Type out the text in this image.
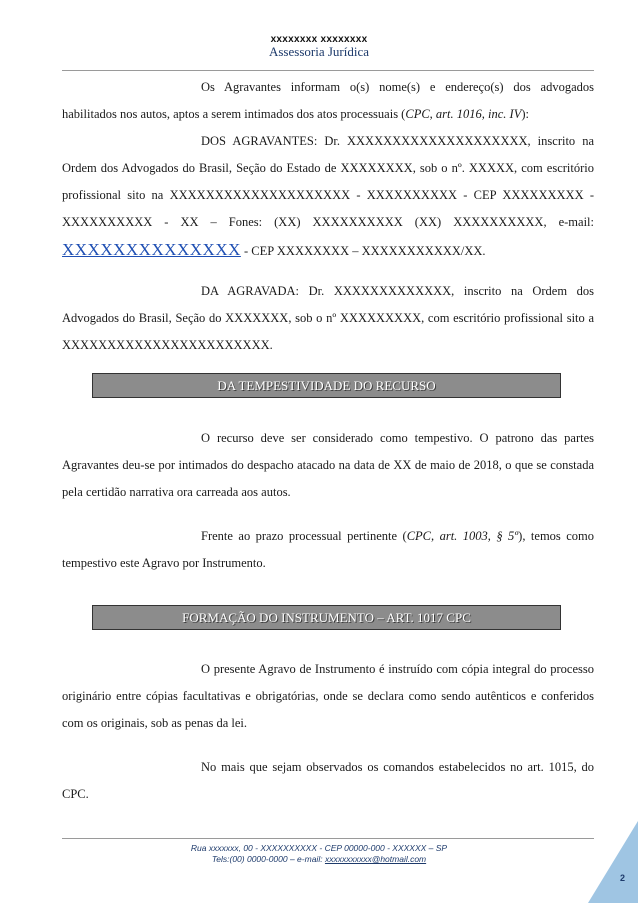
xxxxxxxx xxxxxxxx
Assessoria Jurídica

Os Agravantes informam o(s) nome(s) e endereço(s) dos advogados habilitados nos autos, aptos a serem intimados dos atos processuais (CPC, art. 1016, inc. IV):

DOS AGRAVANTES: Dr. XXXXXXXXXXXXXXXXXXXX, inscrito na Ordem dos Advogados do Brasil, Seção do Estado de XXXXXXXX, sob o nº. XXXXX, com escritório profissional sito na XXXXXXXXXXXXXXXXXXXX - XXXXXXXXXX - CEP XXXXXXXXX - XXXXXXXXXX - XX – Fones: (XX) XXXXXXXXXX (XX) XXXXXXXXXX, e-mail: XXXXXXXXXXXXXX - CEP XXXXXXXX – XXXXXXXXXXX/XX.

DA AGRAVADA: Dr. XXXXXXXXXXXXX, inscrito na Ordem dos Advogados do Brasil, Seção do XXXXXXX, sob o nº XXXXXXXXX, com escritório profissional sito a XXXXXXXXXXXXXXXXXXXXXXX.

DA TEMPESTIVIDADE DO RECURSO

O recurso deve ser considerado como tempestivo. O patrono das partes Agravantes deu-se por intimados do despacho atacado na data de XX de maio de 2018, o que se constada pela certidão narrativa ora carreada aos autos.

Frente ao prazo processual pertinente (CPC, art. 1003, § 5º), temos como tempestivo este Agravo por Instrumento.

FORMAÇÃO DO INSTRUMENTO – ART. 1017 CPC

O presente Agravo de Instrumento é instruído com cópia integral do processo originário entre cópias facultativas e obrigatórias, onde se declara como sendo autênticos e conferidos com os originais, sob as penas da lei.

No mais que sejam observados os comandos estabelecidos no art. 1015, do CPC.

Rua xxxxxxx, 00 - XXXXXXXXXX - CEP 00000-000 - XXXXXX – SP
Tels:(00) 0000-0000 – e-mail: xxxxxxxxxxx@hotmail.com
2
